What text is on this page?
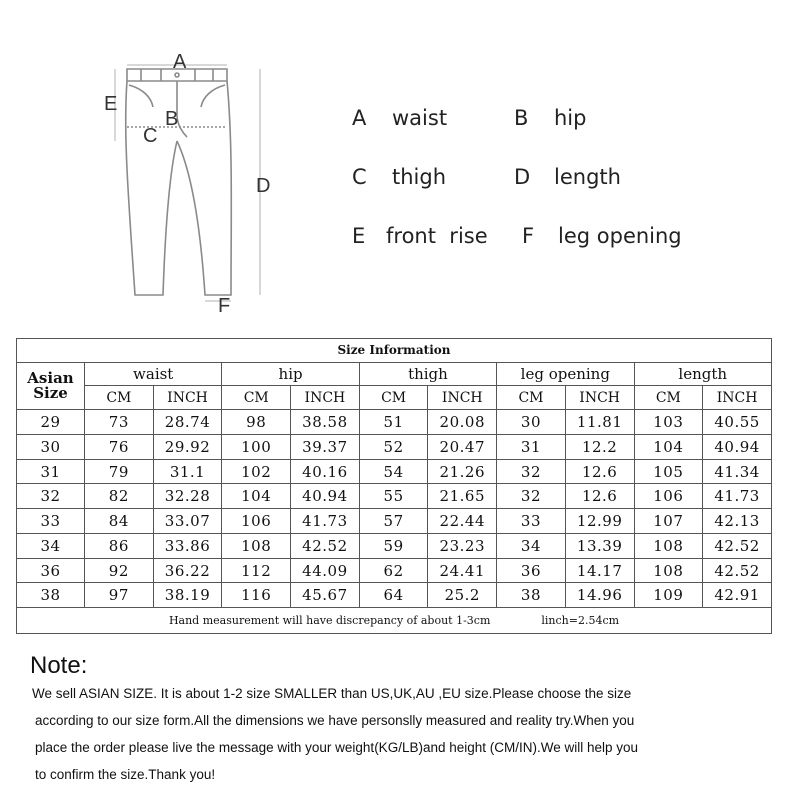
A
B
C
D
E
F
A waist	B hip
C thigh	D length
E front  rise F leg opening
Size Information										
Asian Size	waist		hip		thigh		leg opening		length	
	CM	INCH	CM	INCH	CM	INCH	CM	INCH	CM	INCH
29	73	28.74	98	38.58	51	20.08	30	11.81	103	40.55
30	76	29.92	100	39.37	52	20.47	31	12.2	104	40.94
31	79	31.1	102	40.16	54	21.26	32	12.6	105	41.34
32	82	32.28	104	40.94	55	21.65	32	12.6	106	41.73
33	84	33.07	106	41.73	57	22.44	33	12.99	107	42.13
34	86	33.86	108	42.52	59	23.23	34	13.39	108	42.52
36	92	36.22	112	44.09	62	24.41	36	14.17	108	42.52
38	97	38.19	116	45.67	64	25.2	38	14.96	109	42.91
Hand measurement will have discrepancy of about 1-3cm linch=2.54cm										
Note:
We sell ASIAN SIZE. It is about 1-2 size SMALLER than US,UK,AU ,EU size.Please choose the size
according to our size form.All the dimensions we have personslly measured and reality try.When you
place the order please live the message with your weight(KG/LB)and height (CM/IN).We will help you
to confirm the size.Thank you!
